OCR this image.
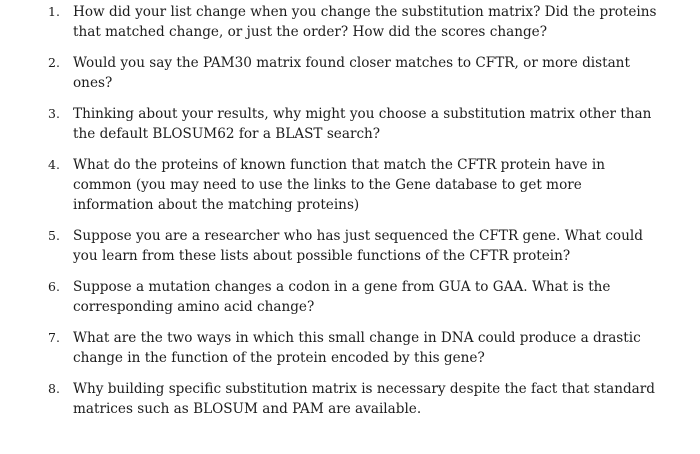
1. How did your list change when you change the substitution matrix? Did the proteins that matched change, or just the order? How did the scores change?
2. Would you say the PAM30 matrix found closer matches to CFTR, or more distant ones?
3. Thinking about your results, why might you choose a substitution matrix other than the default BLOSUM62 for a BLAST search?
4. What do the proteins of known function that match the CFTR protein have in common (you may need to use the links to the Gene database to get more information about the matching proteins)
5. Suppose you are a researcher who has just sequenced the CFTR gene. What could you learn from these lists about possible functions of the CFTR protein?
6. Suppose a mutation changes a codon in a gene from GUA to GAA. What is the corresponding amino acid change?
7. What are the two ways in which this small change in DNA could produce a drastic change in the function of the protein encoded by this gene?
8. Why building specific substitution matrix is necessary despite the fact that standard matrices such as BLOSUM and PAM are available.
